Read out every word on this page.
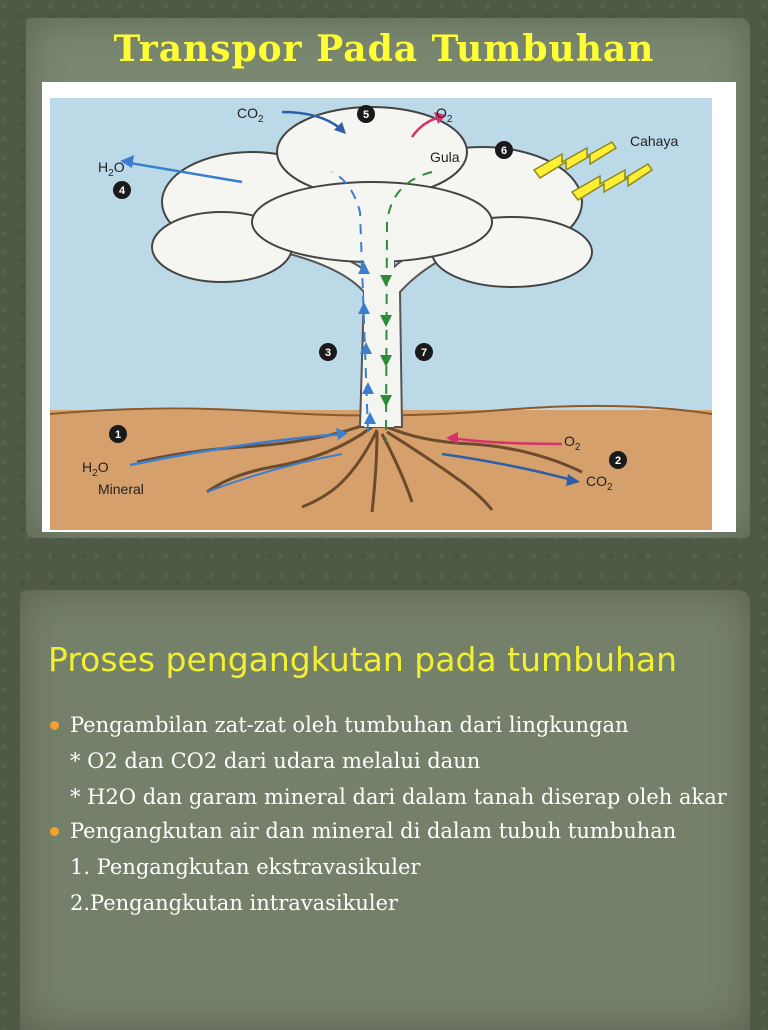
Transpor Pada Tumbuhan
$CO_2$	$O_2$
$H_2O$
Gula
Cahaya
$H_2O$
Mineral
$O_2$
$CO_2$
1
2
3
4
5
6
7
Proses pengangkutan pada tumbuhan
Pengambilan zat-zat oleh tumbuhan dari lingkungan
* O2 dan CO2 dari udara melalui daun
* H2O dan garam mineral dari dalam tanah diserap oleh akar
Pengangkutan air dan mineral di dalam tubuh tumbuhan
1. Pengangkutan ekstravasikuler
2.Pengangkutan intravasikuler
